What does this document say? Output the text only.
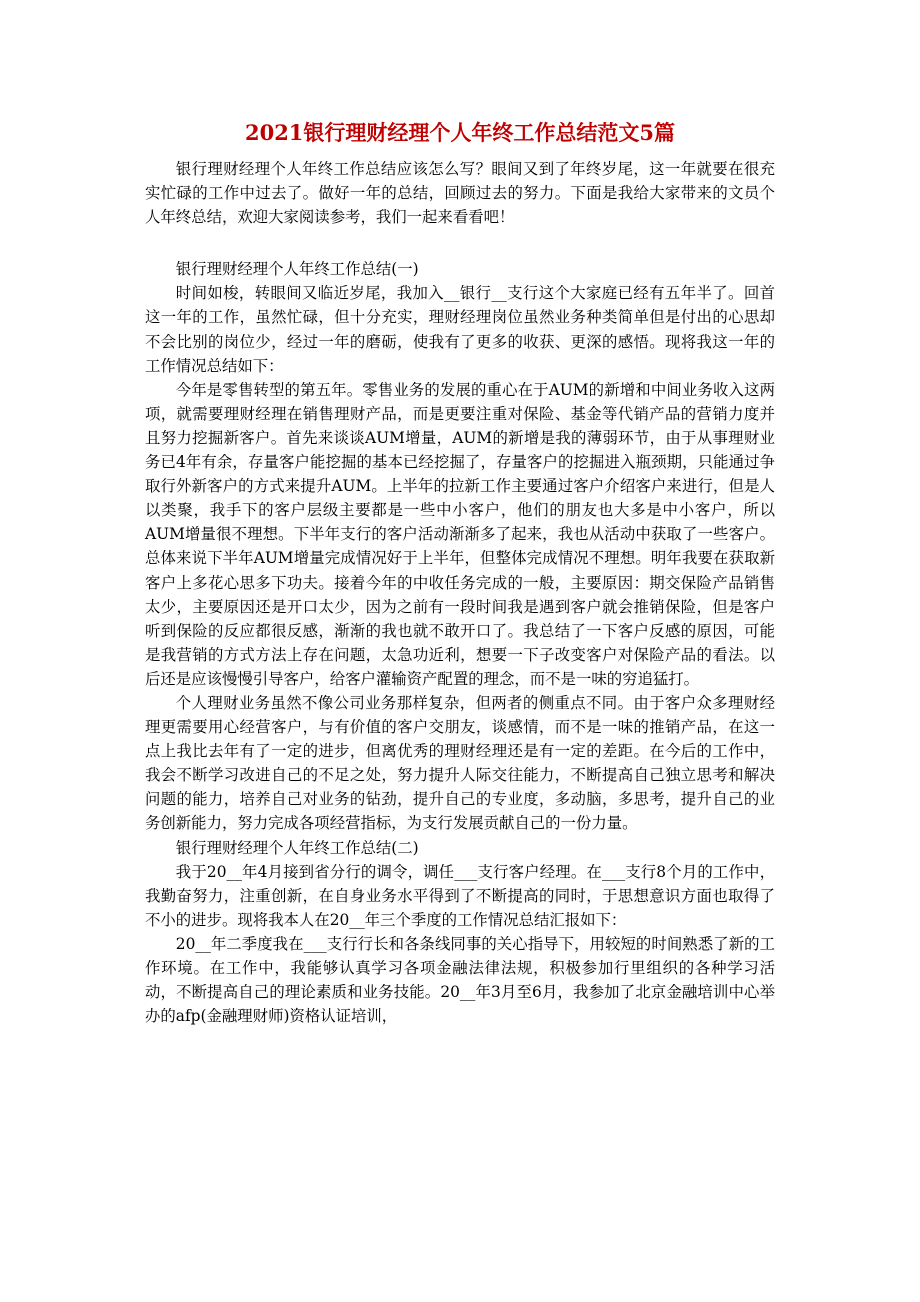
2021银行理财经理个人年终工作总结范文5篇

银行理财经理个人年终工作总结应该怎么写？眼间又到了年终岁尾，这一年就要在很充实忙碌的工作中过去了。做好一年的总结，回顾过去的努力。下面是我给大家带来的文员个人年终总结，欢迎大家阅读参考，我们一起来看看吧！

银行理财经理个人年终工作总结(一)

时间如梭，转眼间又临近岁尾，我加入__银行__支行这个大家庭已经有五年半了。回首这一年的工作，虽然忙碌，但十分充实，理财经理岗位虽然业务种类简单但是付出的心思却不会比别的岗位少，经过一年的磨砺，使我有了更多的收获、更深的感悟。现将我这一年的工作情况总结如下：

今年是零售转型的第五年。零售业务的发展的重心在于AUM的新增和中间业务收入这两项，就需要理财经理在销售理财产品，而是更要注重对保险、基金等代销产品的营销力度并且努力挖掘新客户。首先来谈谈AUM增量，AUM的新增是我的薄弱环节，由于从事理财业务已4年有余，存量客户能挖掘的基本已经挖掘了，存量客户的挖掘进入瓶颈期，只能通过争取行外新客户的方式来提升AUM。上半年的拉新工作主要通过客户介绍客户来进行，但是人以类聚，我手下的客户层级主要都是一些中小客户，他们的朋友也大多是中小客户，所以AUM增量很不理想。下半年支行的客户活动渐渐多了起来，我也从活动中获取了一些客户。总体来说下半年AUM增量完成情况好于上半年，但整体完成情况不理想。明年我要在获取新客户上多花心思多下功夫。接着今年的中收任务完成的一般，主要原因：期交保险产品销售太少，主要原因还是开口太少，因为之前有一段时间我是遇到客户就会推销保险，但是客户听到保险的反应都很反感，渐渐的我也就不敢开口了。我总结了一下客户反感的原因，可能是我营销的方式方法上存在问题，太急功近利，想要一下子改变客户对保险产品的看法。以后还是应该慢慢引导客户，给客户灌输资产配置的理念，而不是一味的穷追猛打。

个人理财业务虽然不像公司业务那样复杂，但两者的侧重点不同。由于客户众多理财经理更需要用心经营客户，与有价值的客户交朋友，谈感情，而不是一味的推销产品，在这一点上我比去年有了一定的进步，但离优秀的理财经理还是有一定的差距。在今后的工作中，我会不断学习改进自己的不足之处，努力提升人际交往能力，不断提高自己独立思考和解决问题的能力，培养自己对业务的钻劲，提升自己的专业度，多动脑，多思考，提升自己的业务创新能力，努力完成各项经营指标，为支行发展贡献自己的一份力量。

银行理财经理个人年终工作总结(二)

我于20__年4月接到省分行的调令，调任___支行客户经理。在___支行8个月的工作中，我勤奋努力，注重创新，在自身业务水平得到了不断提高的同时，于思想意识方面也取得了不小的进步。现将我本人在20__年三个季度的工作情况总结汇报如下：

20__年二季度我在___支行行长和各条线同事的关心指导下，用较短的时间熟悉了新的工作环境。在工作中，我能够认真学习各项金融法律法规，积极参加行里组织的各种学习活动，不断提高自己的理论素质和业务技能。20__年3月至6月，我参加了北京金融培训中心举办的afp(金融理财师)资格认证培训，
